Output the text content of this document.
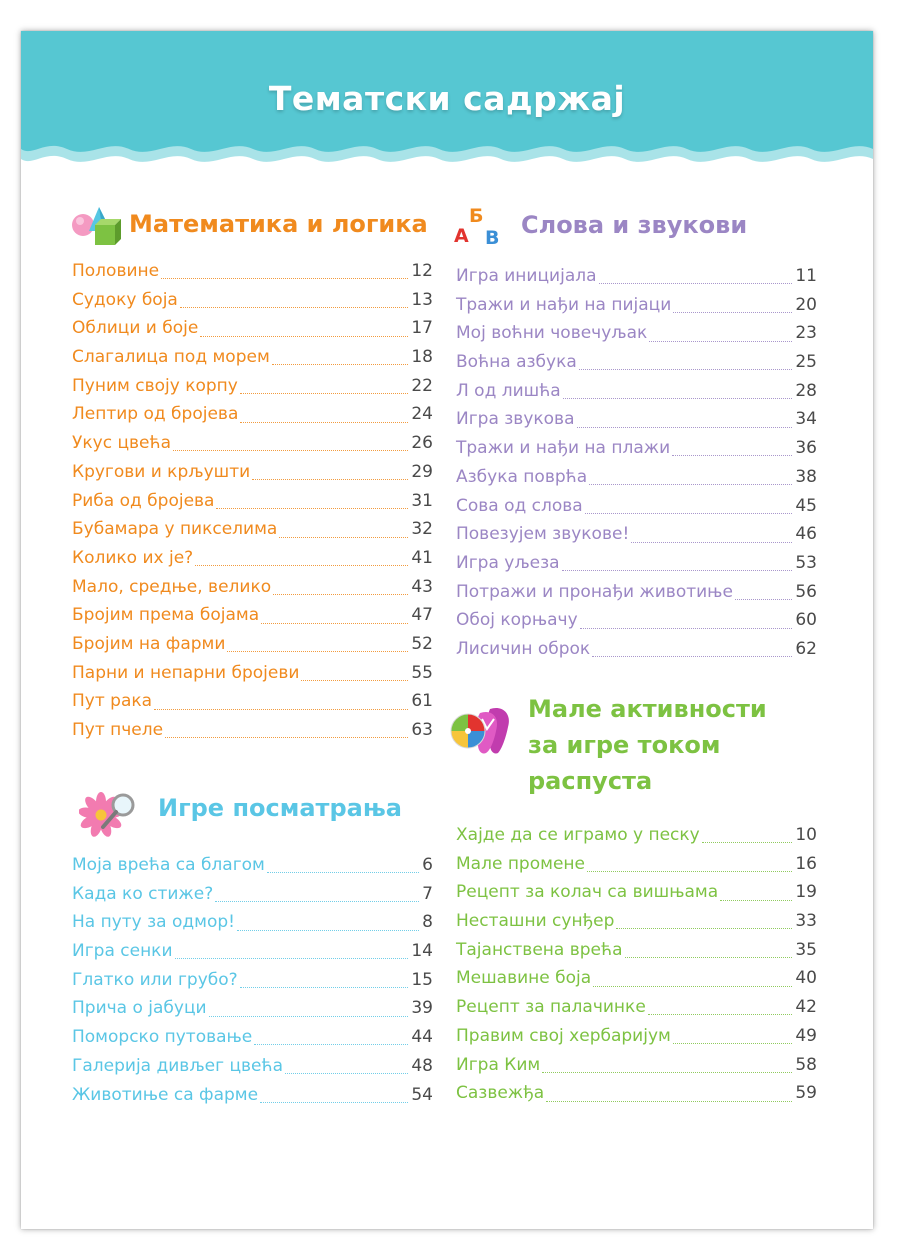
Тематски садржај
Математика и логика
Половине	12
Судоку боја	13
Облици и боје	17
Слагалица под морем	18
Пуним своју корпу	22
Лептир од бројева	24
Укус цвећа	26
Кругови и крљушти	29
Риба од бројева	31
Бубамара у пикселима	32
Колико их је?	41
Мало, средње, велико	43
Бројим према бојама	47
Бројим на фарми	52
Парни и непарни бројеви	55
Пут рака	61
Пут пчеле	63
Игре посматрања
Моја врећа са благом	6
Када ко стиже?	7
На путу за одмор!	8
Игра сенки	14
Глатко или грубо?	15
Прича о јабуци	39
Поморско путовање	44
Галерија дивљег цвећа	48
Животиње са фарме	54
А
Б
В Слова и звукови
Игра иницијала	11
Тражи и нађи на пијаци	20
Мој воћни човечуљак	23
Воћна азбука	25
Л од лишћа	28
Игра звукова	34
Тражи и нађи на плажи	36
Азбука поврћа	38
Сова од слова	45
Повезујем звукове!	46
Игра уљеза	53
Потражи и пронађи животиње	56
Обој корњачу	60
Лисичин оброк	62
Мале активности
за игре током
распуста
Хајде да се играмо у песку	10
Мале промене	16
Рецепт за колач са вишњама	19
Несташни сунђер	33
Тајанствена врећа	35
Мешавине боја	40
Рецепт за палачинке	42
Правим свој хербаријум	49
Игра Ким	58
Сазвежђа	59
